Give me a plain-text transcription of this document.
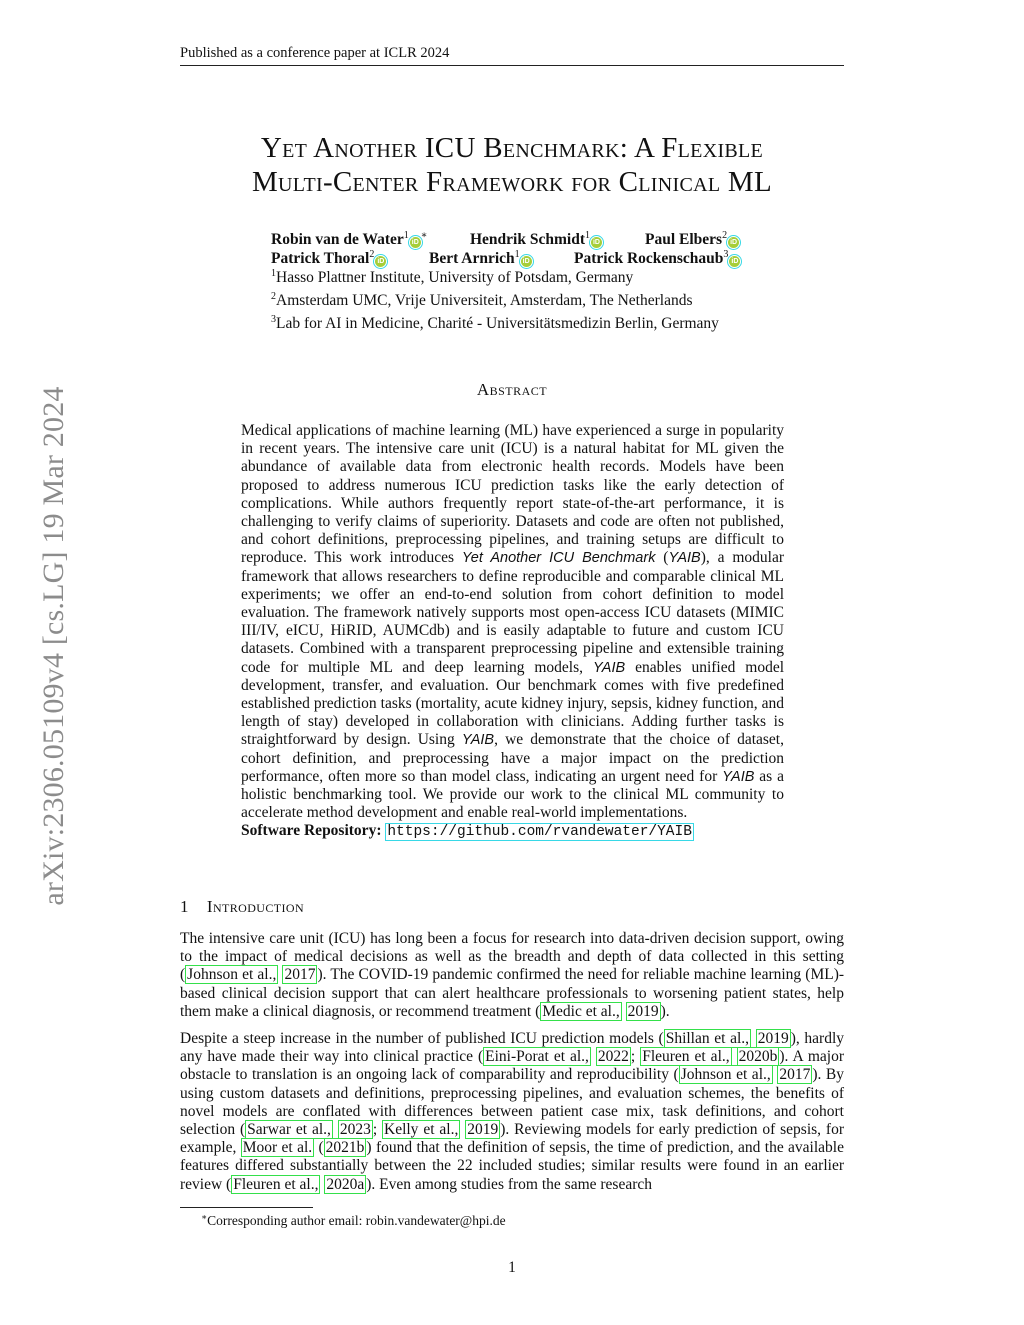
Published as a conference paper at ICLR 2024
arXiv:2306.05109v4 [cs.LG] 19 Mar 2024
Yet Another ICU Benchmark: A Flexible
Multi-Center Framework for Clinical ML
Robin van de Water$^1$iD∗	Hendrik Schmidt$^1$iD	Paul Elbers$^2$iD
Patrick Thoral$^2$iD	Bert Arnrich$^1$iD	Patrick Rockenschaub$^3$iD
$^1$Hasso Plattner Institute, University of Potsdam, Germany
$^2$Amsterdam UMC, Vrije Universiteit, Amsterdam, The Netherlands
$^3$Lab for AI in Medicine, Charité - Universitätsmedizin Berlin, Germany
Abstract
Medical applications of machine learning (ML) have experienced a surge in popularity in recent years. The intensive care unit (ICU) is a natural habitat for ML given the abundance of available data from electronic health records. Models have been proposed to address numerous ICU prediction tasks like the early detection of complications. While authors frequently report state-of-the-art performance, it is challenging to verify claims of superiority. Datasets and code are often not published, and cohort definitions, preprocessing pipelines, and training setups are difficult to reproduce. This work introduces Yet Another ICU Benchmark (YAIB), a modular framework that allows researchers to define reproducible and comparable clinical ML experiments; we offer an end-to-end solution from cohort definition to model evaluation. The framework natively supports most open-access ICU datasets (MIMIC III/IV, eICU, HiRID, AUMCdb) and is easily adaptable to future and custom ICU datasets. Combined with a transparent preprocessing pipeline and extensible training code for multiple ML and deep learning models, YAIB enables unified model development, transfer, and evaluation. Our benchmark comes with five predefined established prediction tasks (mortality, acute kidney injury, sepsis, kidney function, and length of stay) developed in collaboration with clinicians. Adding further tasks is straightforward by design. Using YAIB, we demonstrate that the choice of dataset, cohort definition, and preprocessing have a major impact on the prediction performance, often more so than model class, indicating an urgent need for YAIB as a holistic benchmarking tool. We provide our work to the clinical ML community to accelerate method development and enable real-world implementations.
Software Repository: https://github.com/rvandewater/YAIB
1 Introduction

The intensive care unit (ICU) has long been a focus for research into data-driven decision support, owing to the impact of medical decisions as well as the breadth and depth of data collected in this setting ( Johnson et al., 2017 ). The COVID-19 pandemic confirmed the need for reliable machine learning (ML)-based clinical decision support that can alert healthcare professionals to worsening patient states, help them make a clinical diagnosis, or recommend treatment ( Medic et al., 2019 ).

Despite a steep increase in the number of published ICU prediction models ( Shillan et al., 2019 ), hardly any have made their way into clinical practice ( Eini-Porat et al., 2022 ; Fleuren et al., 2020b ). A major obstacle to translation is an ongoing lack of comparability and reproducibility ( Johnson et al., 2017 ). By using custom datasets and definitions, preprocessing pipelines, and evaluation schemes, the benefits of novel models are conflated with differences between patient case mix, task definitions, and cohort selection ( Sarwar et al., 2023 ; Kelly et al., 2019 ). Reviewing models for early prediction of sepsis, for example, Moor et al. ( 2021b ) found that the definition of sepsis, the time of prediction, and the available features differed substantially between the 22 included studies; similar results were found in an earlier review ( Fleuren et al., 2020a ). Even among studies from the same research

∗Corresponding author email: robin.vandewater@hpi.de
1
